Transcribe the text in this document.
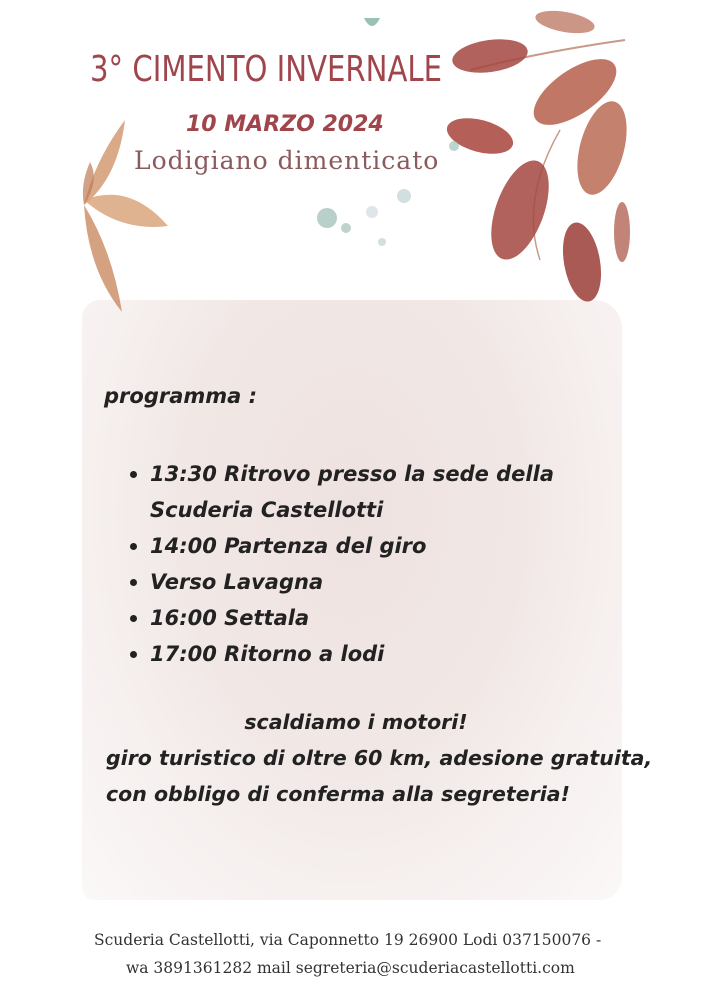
3° CIMENTO INVERNALE
10 MARZO 2024
Lodigiano dimenticato
programma :
13:30 Ritrovo presso la sede della Scuderia Castellotti
14:00 Partenza del giro
Verso Lavagna
16:00 Settala
17:00 Ritorno a lodi
scaldiamo i motori!
giro turistico di oltre 60 km, adesione gratuita,
con obbligo di conferma alla segreteria!
Scuderia Castellotti, via Caponnetto 19 26900 Lodi 037150076 -
wa 3891361282 mail segreteria@scuderiacastellotti.com
